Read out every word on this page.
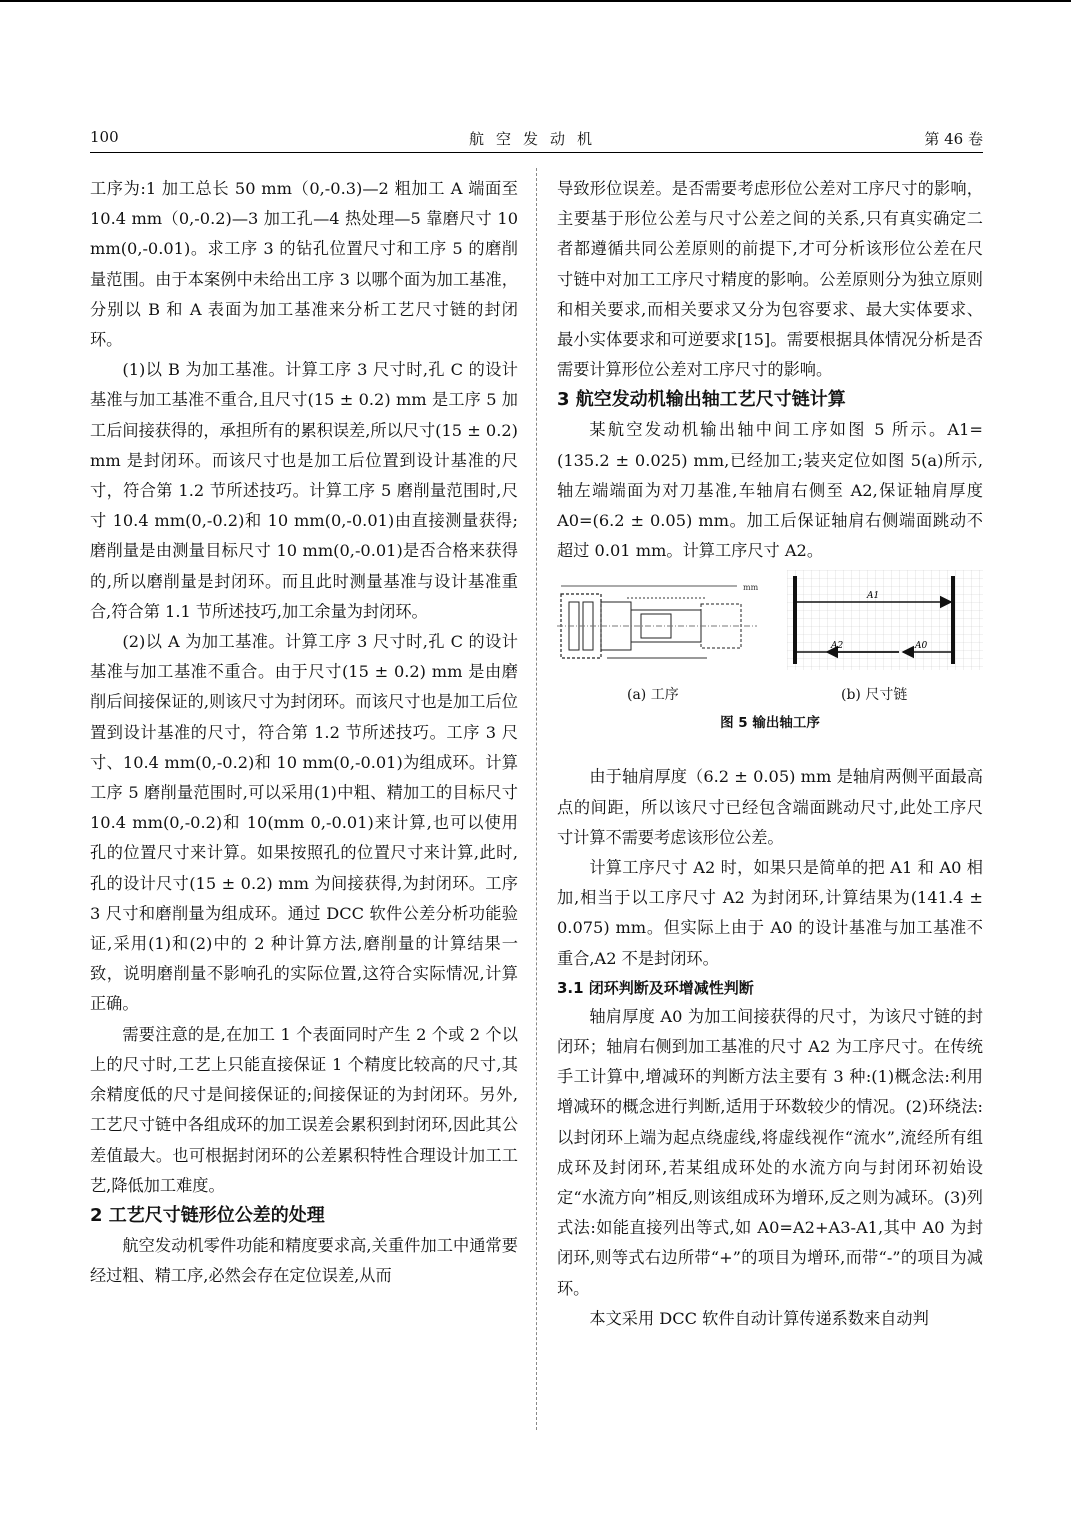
100	航空发动机	第 46 卷

工序为:1 加工总长 50 mm（0,-0.3)—2 粗加工 A 端面至 10.4 mm（0,-0.2)—3 加工孔—4 热处理—5 靠磨尺寸 10 mm(0,-0.01)。求工序 3 的钻孔位置尺寸和工序 5 的磨削量范围。由于本案例中未给出工序 3 以哪个面为加工基准，分别以 B 和 A 表面为加工基准来分析工艺尺寸链的封闭环。

(1)以 B 为加工基准。计算工序 3 尺寸时,孔 C 的设计基准与加工基准不重合,且尺寸(15 ± 0.2) mm 是工序 5 加工后间接获得的，承担所有的累积误差,所以尺寸(15 ± 0.2) mm 是封闭环。而该尺寸也是加工后位置到设计基准的尺寸，符合第 1.2 节所述技巧。计算工序 5 磨削量范围时,尺寸 10.4 mm(0,-0.2)和 10 mm(0,-0.01)由直接测量获得;磨削量是由测量目标尺寸 10 mm(0,-0.01)是否合格来获得的,所以磨削量是封闭环。而且此时测量基准与设计基准重合,符合第 1.1 节所述技巧,加工余量为封闭环。

(2)以 A 为加工基准。计算工序 3 尺寸时,孔 C 的设计基准与加工基准不重合。由于尺寸(15 ± 0.2) mm 是由磨削后间接保证的,则该尺寸为封闭环。而该尺寸也是加工后位置到设计基准的尺寸，符合第 1.2 节所述技巧。工序 3 尺寸、10.4 mm(0,-0.2)和 10 mm(0,-0.01)为组成环。计算工序 5 磨削量范围时,可以采用(1)中粗、精加工的目标尺寸 10.4 mm(0,-0.2)和 10(mm 0,-0.01)来计算,也可以使用孔的位置尺寸来计算。如果按照孔的位置尺寸来计算,此时,孔的设计尺寸(15 ± 0.2) mm 为间接获得,为封闭环。工序 3 尺寸和磨削量为组成环。通过 DCC 软件公差分析功能验证,采用(1)和(2)中的 2 种计算方法,磨削量的计算结果一致，说明磨削量不影响孔的实际位置,这符合实际情况,计算正确。

需要注意的是,在加工 1 个表面同时产生 2 个或 2 个以上的尺寸时,工艺上只能直接保证 1 个精度比较高的尺寸,其余精度低的尺寸是间接保证的;间接保证的为封闭环。另外,工艺尺寸链中各组成环的加工误差会累积到封闭环,因此其公差值最大。也可根据封闭环的公差累积特性合理设计加工工艺,降低加工难度。

2 工艺尺寸链形位公差的处理

航空发动机零件功能和精度要求高,关重件加工中通常要经过粗、精工序,必然会存在定位误差,从而

导致形位误差。是否需要考虑形位公差对工序尺寸的影响，主要基于形位公差与尺寸公差之间的关系,只有真实确定二者都遵循共同公差原则的前提下,才可分析该形位公差在尺寸链中对加工工序尺寸精度的影响。公差原则分为独立原则和相关要求,而相关要求又分为包容要求、最大实体要求、最小实体要求和可逆要求[15]。需要根据具体情况分析是否需要计算形位公差对工序尺寸的影响。

3 航空发动机输出轴工艺尺寸链计算

某航空发动机输出轴中间工序如图 5 所示。A1=(135.2 ± 0.025) mm,已经加工;装夹定位如图 5(a)所示,轴左端端面为对刀基准,车轴肩右侧至 A2,保证轴肩厚度 A0=(6.2 ± 0.05) mm。加工后保证轴肩右侧端面跳动不超过 0.01 mm。计算工序尺寸 A2。

mm
A1
A2	A0
(a) 工序	(b) 尺寸链
图 5 输出轴工序

由于轴肩厚度（6.2 ± 0.05) mm 是轴肩两侧平面最高点的间距，所以该尺寸已经包含端面跳动尺寸,此处工序尺寸计算不需要考虑该形位公差。

计算工序尺寸 A2 时，如果只是简单的把 A1 和 A0 相加,相当于以工序尺寸 A2 为封闭环,计算结果为(141.4 ± 0.075) mm。但实际上由于 A0 的设计基准与加工基准不重合,A2 不是封闭环。

3.1 闭环判断及环增减性判断

轴肩厚度 A0 为加工间接获得的尺寸，为该尺寸链的封闭环；轴肩右侧到加工基准的尺寸 A2 为工序尺寸。在传统手工计算中,增减环的判断方法主要有 3 种:(1)概念法:利用增减环的概念进行判断,适用于环数较少的情况。(2)环绕法:以封闭环上端为起点绕虚线,将虚线视作“流水”,流经所有组成环及封闭环,若某组成环处的水流方向与封闭环初始设定“水流方向”相反,则该组成环为增环,反之则为减环。(3)列式法:如能直接列出等式,如 A0=A2+A3-A1,其中 A0 为封闭环,则等式右边所带“+”的项目为增环,而带“-”的项目为减环。

本文采用 DCC 软件自动计算传递系数来自动判
